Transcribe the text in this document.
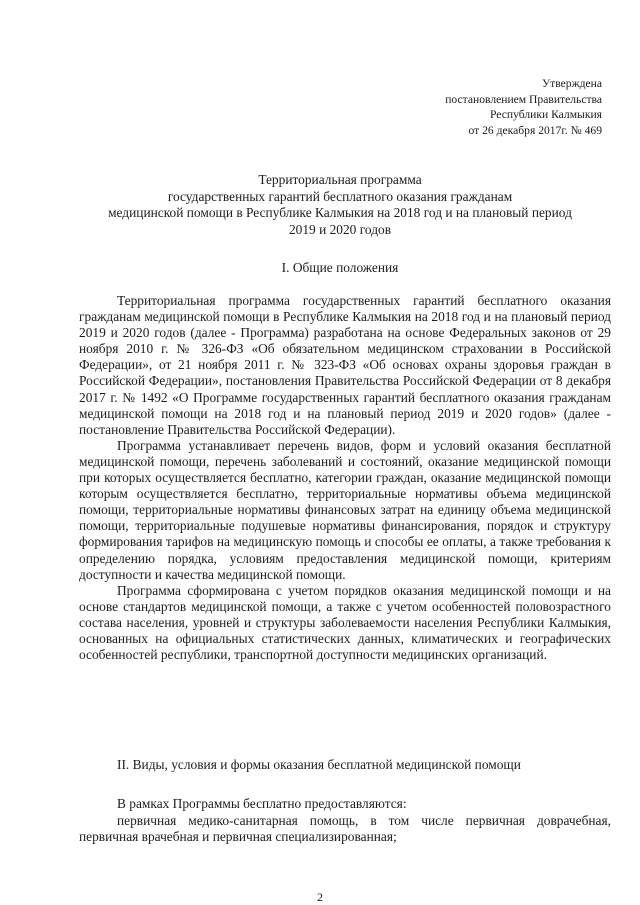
Утверждена
постановлением Правительства
Республики Калмыкия
от 26 декабря 2017г. № 469
Территориальная программа
государственных гарантий бесплатного оказания гражданам
медицинской помощи в Республике Калмыкия на 2018 год и на плановый период
2019 и 2020 годов
I. Общие положения

Территориальная программа государственных гарантий бесплатного оказания гражданам медицинской помощи в Республике Калмыкия на 2018 год и на плановый период 2019 и 2020 годов (далее - Программа) разработана на основе Федеральных законов от 29 ноября 2010 г. № 326-ФЗ «Об обязательном медицинском страховании в Российской Федерации», от 21 ноября 2011 г. № 323-ФЗ «Об основах охраны здоровья граждан в Российской Федерации», постановления Правительства Российской Федерации от 8 декабря 2017 г. № 1492 «О Программе государственных гарантий бесплатного оказания гражданам медицинской помощи на 2018 год и на плановый период 2019 и 2020 годов» (далее - постановление Правительства Российской Федерации).

Программа устанавливает перечень видов, форм и условий оказания бесплатной медицинской помощи, перечень заболеваний и состояний, оказание медицинской помощи при которых осуществляется бесплатно, категории граждан, оказание медицинской помощи которым осуществляется бесплатно, территориальные нормативы объема медицинской помощи, территориальные нормативы финансовых затрат на единицу объема медицинской помощи, территориальные подушевые нормативы финансирования, порядок и структуру формирования тарифов на медицинскую помощь и способы ее оплаты, а также требования к определению порядка, условиям предоставления медицинской помощи, критериям доступности и качества медицинской помощи.

Программа сформирована с учетом порядков оказания медицинской помощи и на основе стандартов медицинской помощи, а также с учетом особенностей половозрастного состава населения, уровней и структуры заболеваемости населения Республики Калмыкия, основанных на официальных статистических данных, климатических и географических особенностей республики, транспортной доступности медицинских организаций.

II. Виды, условия и формы оказания бесплатной медицинской помощи

В рамках Программы бесплатно предоставляются:

первичная медико-санитарная помощь, в том числе первичная доврачебная, первичная врачебная и первичная специализированная;

2
